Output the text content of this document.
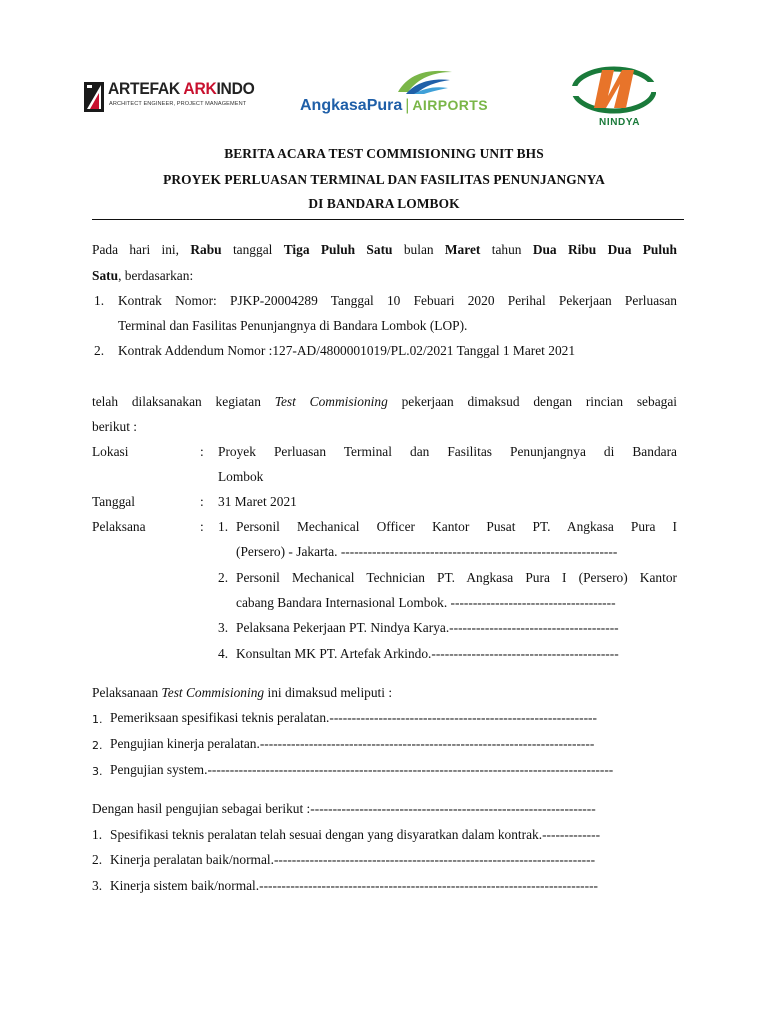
ARTEFAK ARKINDO
ARCHITECT ENGINEER, PROJECT MANAGEMENT	AngkasaPura | AIRPORTS
NINDYA
BERITA ACARA TEST COMMISIONING UNIT BHS
PROYEK PERLUASAN TERMINAL DAN FASILITAS PENUNJANGNYA
DI BANDARA LOMBOK
Pada hari ini, Rabu tanggal Tiga Puluh Satu bulan Maret tahun Dua Ribu Dua Puluh
Satu, berdasarkan:
1. Kontrak Nomor: PJKP-20004289 Tanggal 10 Febuari 2020 Perihal Pekerjaan Perluasan
Terminal dan Fasilitas Penunjangnya di Bandara Lombok (LOP).
2. Kontrak Addendum Nomor :127-AD/4800001019/PL.02/2021 Tanggal 1 Maret 2021
telah dilaksanakan kegiatan Test Commisioning pekerjaan dimaksud dengan rincian sebagai
berikut :
Lokasi	: Proyek Perluasan Terminal dan Fasilitas Penunjangnya di Bandara
Lombok
Tanggal	: 31 Maret 2021
Pelaksana	: 1. Personil Mechanical Officer Kantor Pusat PT. Angkasa Pura I
(Persero) - Jakarta. --------------------------------------------------------------
2. Personil Mechanical Technician PT. Angkasa Pura I (Persero) Kantor
cabang Bandara Internasional Lombok. -------------------------------------
3. Pelaksana Pekerjaan PT. Nindya Karya.--------------------------------------
4. Konsultan MK PT. Artefak Arkindo.------------------------------------------
Pelaksanaan Test Commisioning ini dimaksud meliputi :
1. Pemeriksaan spesifikasi teknis peralatan.------------------------------------------------------------
2. Pengujian kinerja peralatan.---------------------------------------------------------------------------
3. Pengujian system.-------------------------------------------------------------------------------------------
Dengan hasil pengujian sebagai berikut :----------------------------------------------------------------
1. Spesifikasi teknis peralatan telah sesuai dengan yang disyaratkan dalam kontrak.-------------
2. Kinerja peralatan baik/normal.------------------------------------------------------------------------
3. Kinerja sistem baik/normal.----------------------------------------------------------------------------
